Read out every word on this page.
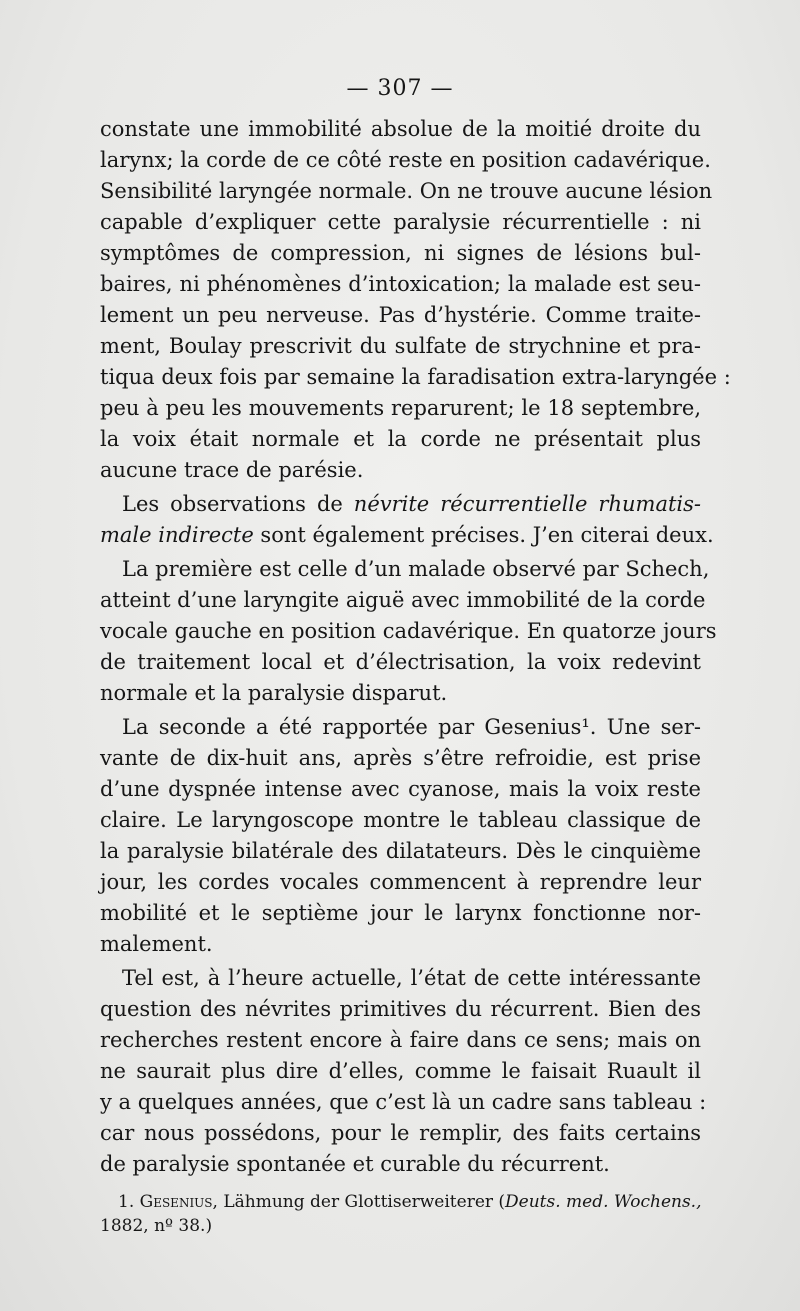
— 307 —
constate une immobilité absolue de la moitié droite du
larynx; la corde de ce côté reste en position cadavérique.
Sensibilité laryngée normale. On ne trouve aucune lésion
capable d’expliquer cette paralysie récurrentielle : ni
symptômes de compression, ni signes de lésions bul-
baires, ni phénomènes d’intoxication; la malade est seu-
lement un peu nerveuse. Pas d’hystérie. Comme traite-
ment, Boulay prescrivit du sulfate de strychnine et pra-
tiqua deux fois par semaine la faradisation extra-laryngée :
peu à peu les mouvements reparurent; le 18 septembre,
la voix était normale et la corde ne présentait plus
aucune trace de parésie.
Les observations de névrite récurrentielle rhumatis-
male indirecte sont également précises. J’en citerai deux.
La première est celle d’un malade observé par Schech,
atteint d’une laryngite aiguë avec immobilité de la corde
vocale gauche en position cadavérique. En quatorze jours
de traitement local et d’électrisation, la voix redevint
normale et la paralysie disparut.
La seconde a été rapportée par Gesenius¹. Une ser-
vante de dix-huit ans, après s’être refroidie, est prise
d’une dyspnée intense avec cyanose, mais la voix reste
claire. Le laryngoscope montre le tableau classique de
la paralysie bilatérale des dilatateurs. Dès le cinquième
jour, les cordes vocales commencent à reprendre leur
mobilité et le septième jour le larynx fonctionne nor-
malement.
Tel est, à l’heure actuelle, l’état de cette intéressante
question des névrites primitives du récurrent. Bien des
recherches restent encore à faire dans ce sens; mais on
ne saurait plus dire d’elles, comme le faisait Ruault il
y a quelques années, que c’est là un cadre sans tableau :
car nous possédons, pour le remplir, des faits certains
de paralysie spontanée et curable du récurrent.
1. Gesenius, Lähmung der Glottiserweiterer (Deuts. med. Wochens.,
1882, nº 38.)
